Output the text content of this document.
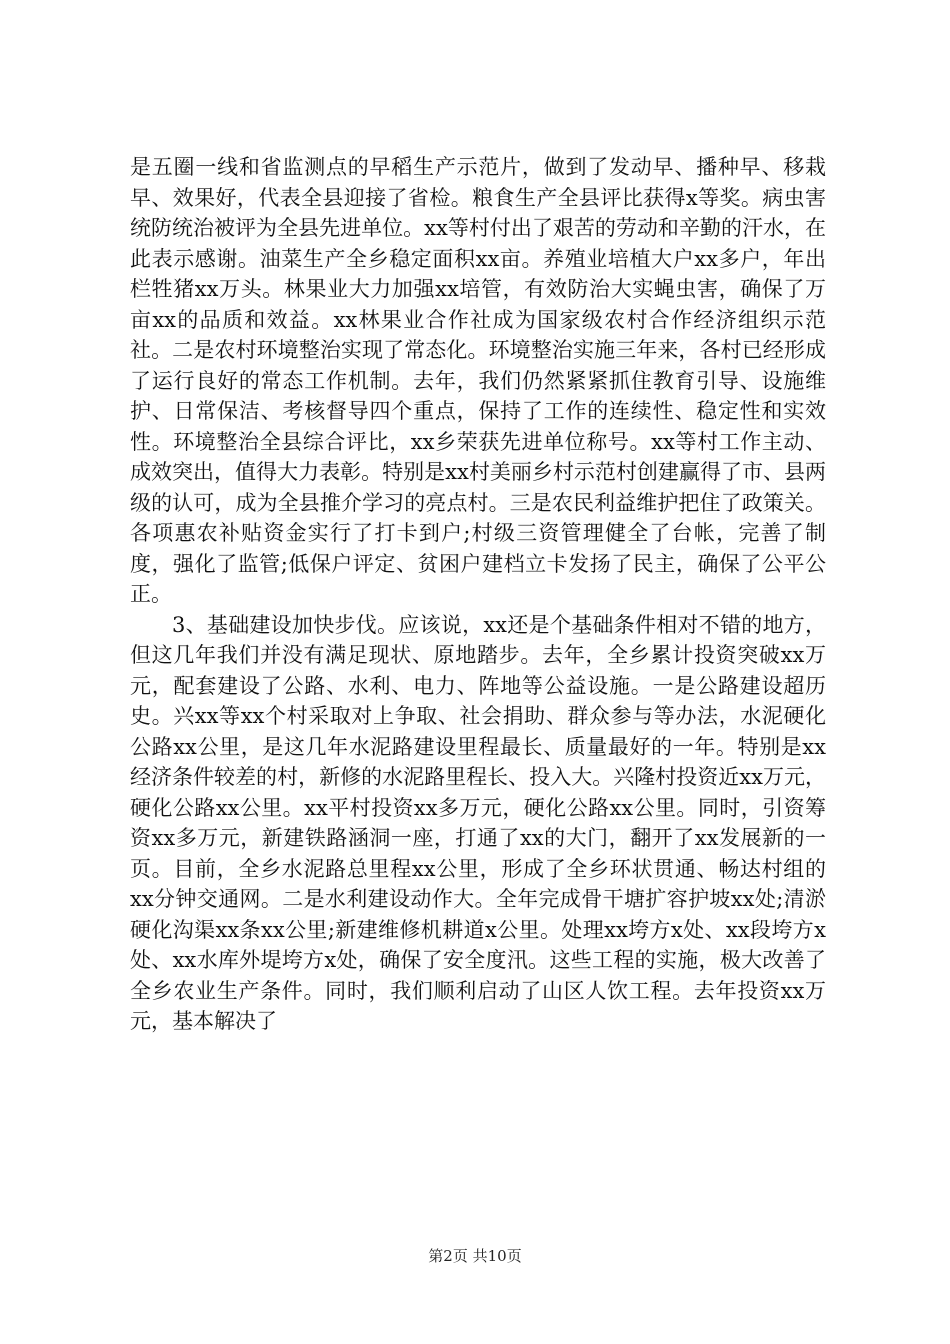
是五圈一线和省监测点的早稻生产示范片，做到了发动早、播种早、移栽早、效果好，代表全县迎接了省检。粮食生产全县评比获得x等奖。病虫害统防统治被评为全县先进单位。xx等村付出了艰苦的劳动和辛勤的汗水，在此表示感谢。油菜生产全乡稳定面积xx亩。养殖业培植大户xx多户，年出栏牲猪xx万头。林果业大力加强xx培管，有效防治大实蝇虫害，确保了万亩xx的品质和效益。xx林果业合作社成为国家级农村合作经济组织示范社。二是农村环境整治实现了常态化。环境整治实施三年来，各村已经形成了运行良好的常态工作机制。去年，我们仍然紧紧抓住教育引导、设施维护、日常保洁、考核督导四个重点，保持了工作的连续性、稳定性和实效性。环境整治全县综合评比，xx乡荣获先进单位称号。xx等村工作主动、成效突出，值得大力表彰。特别是xx村美丽乡村示范村创建赢得了市、县两级的认可，成为全县推介学习的亮点村。三是农民利益维护把住了政策关。各项惠农补贴资金实行了打卡到户;村级三资管理健全了台帐，完善了制度，强化了监管;低保户评定、贫困户建档立卡发扬了民主，确保了公平公正。

3、基础建设加快步伐。应该说，xx还是个基础条件相对不错的地方，但这几年我们并没有满足现状、原地踏步。去年，全乡累计投资突破xx万元，配套建设了公路、水利、电力、阵地等公益设施。一是公路建设超历史。兴xx等xx个村采取对上争取、社会捐助、群众参与等办法，水泥硬化公路xx公里，是这几年水泥路建设里程最长、质量最好的一年。特别是xx经济条件较差的村，新修的水泥路里程长、投入大。兴隆村投资近xx万元，硬化公路xx公里。xx平村投资xx多万元，硬化公路xx公里。同时，引资筹资xx多万元，新建铁路涵洞一座，打通了xx的大门，翻开了xx发展新的一页。目前，全乡水泥路总里程xx公里，形成了全乡环状贯通、畅达村组的xx分钟交通网。二是水利建设动作大。全年完成骨干塘扩容护坡xx处;清淤硬化沟渠xx条xx公里;新建维修机耕道x公里。处理xx垮方x处、xx段垮方x处、xx水库外堤垮方x处，确保了安全度汛。这些工程的实施，极大改善了全乡农业生产条件。同时，我们顺利启动了山区人饮工程。去年投资xx万元，基本解决了

第2页 共10页
